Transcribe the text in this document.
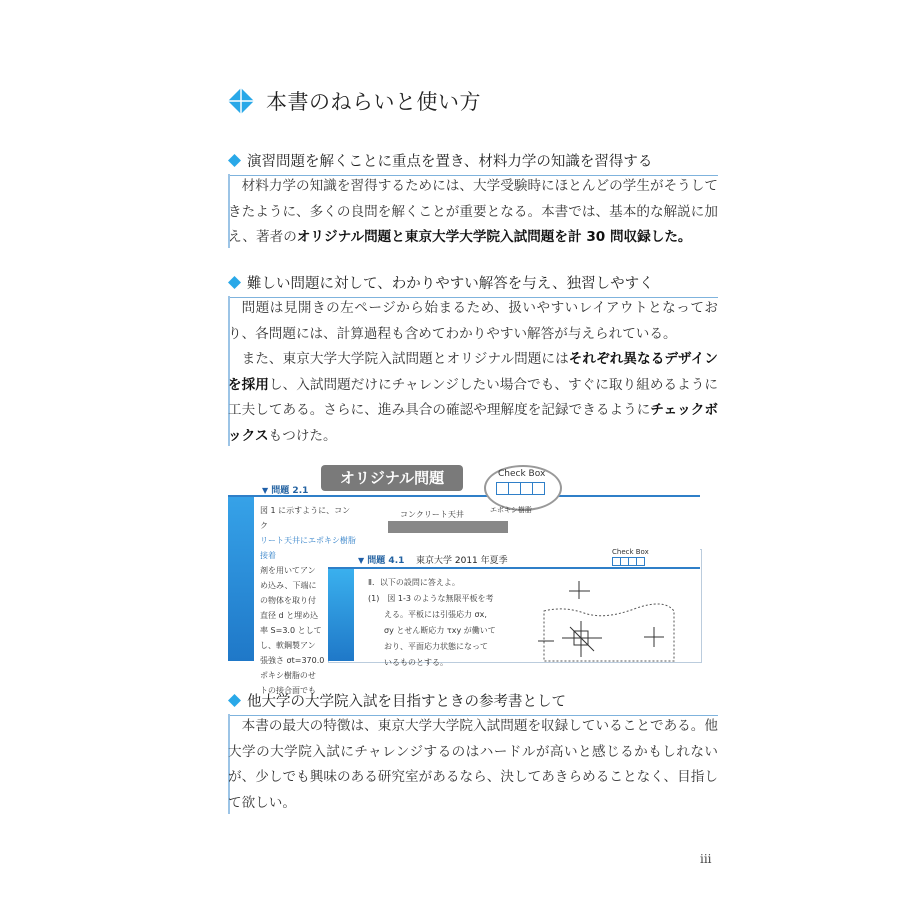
本書のねらいと使い方
演習問題を解くことに重点を置き、材料力学の知識を習得する
材料力学の知識を習得するためには、大学受験時にほとんどの学生がそうしてきたように、多くの良問を解くことが重要となる。本書では、基本的な解説に加え、著者のオリジナル問題と東京大学大学院入試問題を計 30 問収録した。
難しい問題に対して、わかりやすい解答を与え、独習しやすく
問題は見開きの左ページから始まるため、扱いやすいレイアウトとなっており、各問題には、計算過程も含めてわかりやすい解答が与えられている。
また、東京大学大学院入試問題とオリジナル問題にはそれぞれ異なるデザインを採用し、入試問題だけにチャレンジしたい場合でも、すぐに取り組めるように工夫してある。さらに、進み具合の確認や理解度を記録できるようにチェックボックスもつけた。
▼ 問題 2.1
オリジナル問題	Check Box
図 1 に示すように、コンク
リート天井にエポキシ樹脂接着
剤を用いてアン
め込み、下端に
の物体を取り付
直径 d と埋め込
率 S=3.0 として
し、軟鋼製アン
張強さ σt=370.0
ポキシ樹脂のせ
トの接合面でも
コンクリート天井	エポキシ樹脂
▼ 問題 4.1 東京大学 2011 年夏季
Check Box
Ⅱ．以下の設問に答えよ。
(1)　図 1-3 のような無限平板を考
　　える。平板には引張応力 σx,
　　σy とせん断応力 τxy が働いて
　　おり、平面応力状態になって
　　いるものとする。
他大学の大学院入試を目指すときの参考書として
本書の最大の特徴は、東京大学大学院入試問題を収録していることである。他大学の大学院入試にチャレンジするのはハードルが高いと感じるかもしれないが、少しでも興味のある研究室があるなら、決してあきらめることなく、目指して欲しい。
iii
